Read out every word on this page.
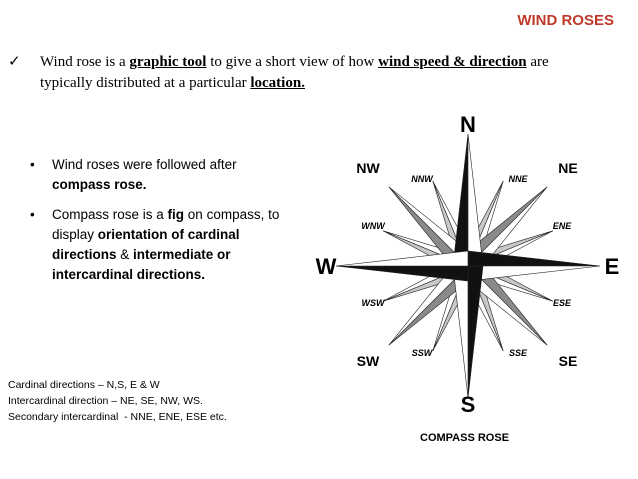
WIND ROSES
✓ Wind rose is a graphic tool to give a short view of how wind speed & direction are typically distributed at a particular location.
• Wind roses were followed after compass rose.
• Compass rose is a fig on compass, to display orientation of cardinal directions & intermediate or intercardinal directions.
Cardinal directions – N,S, E & W
Intercardinal direction – NE, SE, NW, WS.
Secondary intercardinal  - NNE, ENE, ESE etc.
N
S
E
W
NE
NW
SE
SW
NNE
NNW
ENE
WNW
ESE
WSW
SSE
SSW
COMPASS ROSE
